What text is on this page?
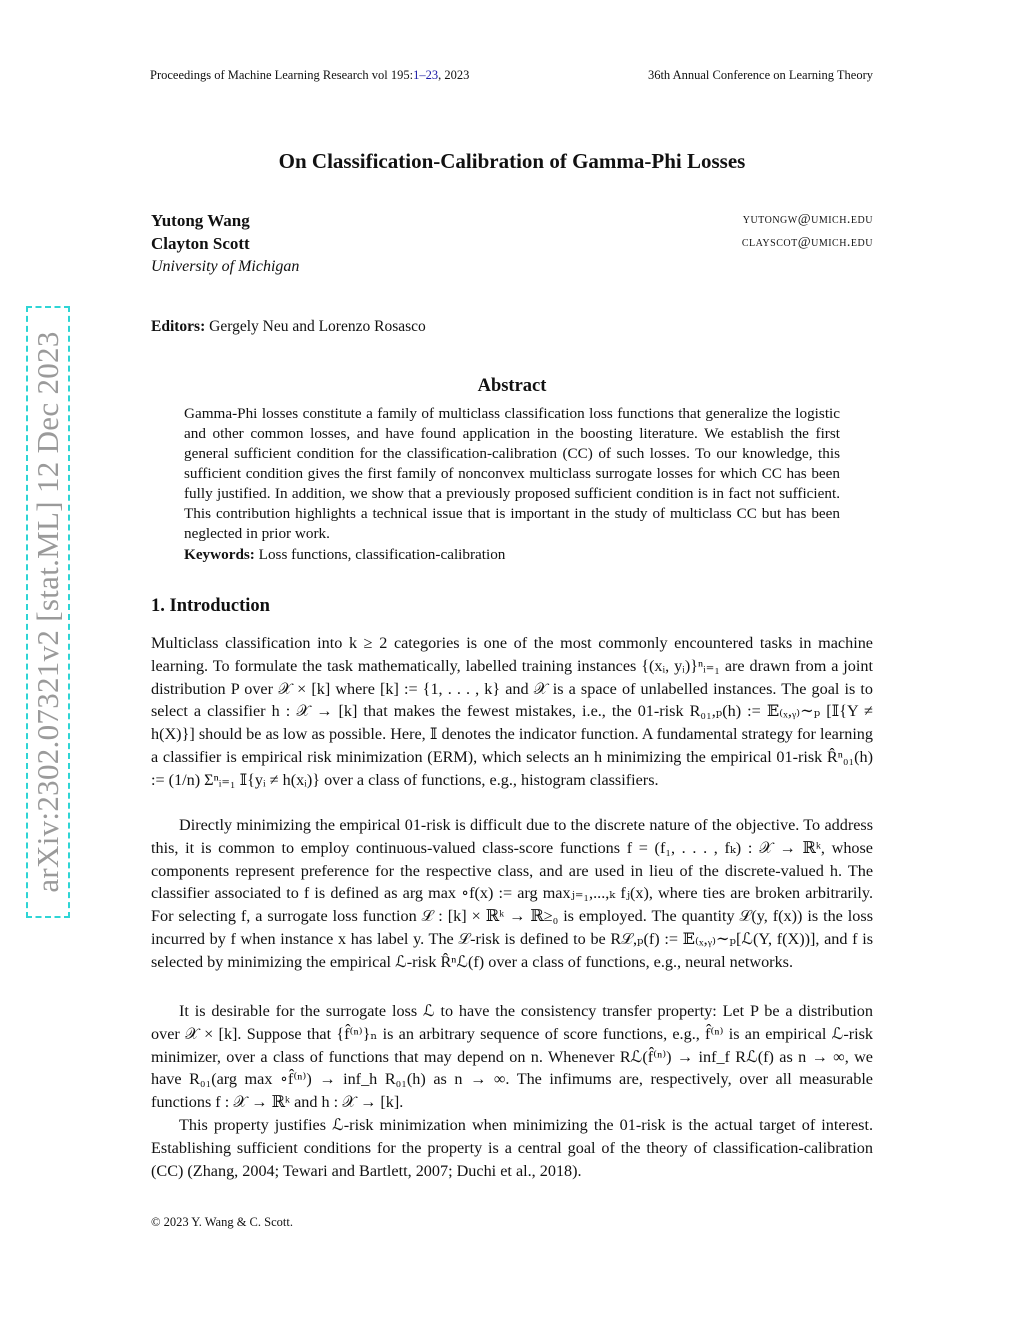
Proceedings of Machine Learning Research vol 195:1–23, 2023	36th Annual Conference on Learning Theory
On Classification-Calibration of Gamma-Phi Losses
Yutong Wang	yutongw@umich.edu
Clayton Scott	clayscot@umich.edu
University of Michigan
Editors: Gergely Neu and Lorenzo Rosasco
Abstract
Gamma-Phi losses constitute a family of multiclass classification loss functions that generalize the logistic and other common losses, and have found application in the boosting literature. We establish the first general sufficient condition for the classification-calibration (CC) of such losses. To our knowledge, this sufficient condition gives the first family of nonconvex multiclass surrogate losses for which CC has been fully justified. In addition, we show that a previously proposed sufficient condition is in fact not sufficient. This contribution highlights a technical issue that is important in the study of multiclass CC but has been neglected in prior work.
Keywords: Loss functions, classification-calibration
1. Introduction

Multiclass classification into k ≥ 2 categories is one of the most commonly encountered tasks in machine learning. To formulate the task mathematically, labelled training instances {(xᵢ, yᵢ)}ⁿᵢ₌₁ are drawn from a joint distribution P over 𝒳 × [k] where [k] := {1, . . . , k} and 𝒳 is a space of unlabelled instances. The goal is to select a classifier h : 𝒳 → [k] that makes the fewest mistakes, i.e., the 01-risk R₀₁,ₚ(h) := 𝔼₍ₓ,ᵧ₎∼ₚ [𝕀{Y ≠ h(X)}] should be as low as possible. Here, 𝕀 denotes the indicator function. A fundamental strategy for learning a classifier is empirical risk minimization (ERM), which selects an h minimizing the empirical 01-risk R̂ⁿ₀₁(h) := (1/n) Σⁿᵢ₌₁ 𝕀{yᵢ ≠ h(xᵢ)} over a class of functions, e.g., histogram classifiers.

Directly minimizing the empirical 01-risk is difficult due to the discrete nature of the objective. To address this, it is common to employ continuous-valued class-score functions f = (f₁, . . . , fₖ) : 𝒳 → ℝᵏ, whose components represent preference for the respective class, and are used in lieu of the discrete-valued h. The classifier associated to f is defined as arg max ∘f(x) := arg maxⱼ₌₁,...,ₖ fⱼ(x), where ties are broken arbitrarily. For selecting f, a surrogate loss function ℒ : [k] × ℝᵏ → ℝ≥₀ is employed. The quantity ℒ(y, f(x)) is the loss incurred by f when instance x has label y. The ℒ-risk is defined to be Rℒ,ₚ(f) := 𝔼₍ₓ,ᵧ₎∼ₚ[ℒ(Y, f(X))], and f is selected by minimizing the empirical ℒ-risk R̂ⁿℒ(f) over a class of functions, e.g., neural networks.

It is desirable for the surrogate loss ℒ to have the consistency transfer property: Let P be a distribution over 𝒳 × [k]. Suppose that {f̂⁽ⁿ⁾}ₙ is an arbitrary sequence of score functions, e.g., f̂⁽ⁿ⁾ is an empirical ℒ-risk minimizer, over a class of functions that may depend on n. Whenever Rℒ(f̂⁽ⁿ⁾) → inf_f Rℒ(f) as n → ∞, we have R₀₁(arg max ∘f̂⁽ⁿ⁾) → inf_h R₀₁(h) as n → ∞. The infimums are, respectively, over all measurable functions f : 𝒳 → ℝᵏ and h : 𝒳 → [k].

This property justifies ℒ-risk minimization when minimizing the 01-risk is the actual target of interest. Establishing sufficient conditions for the property is a central goal of the theory of classification-calibration (CC) (Zhang, 2004; Tewari and Bartlett, 2007; Duchi et al., 2018).

© 2023 Y. Wang & C. Scott.
arXiv:2302.07321v2 [stat.ML] 12 Dec 2023
